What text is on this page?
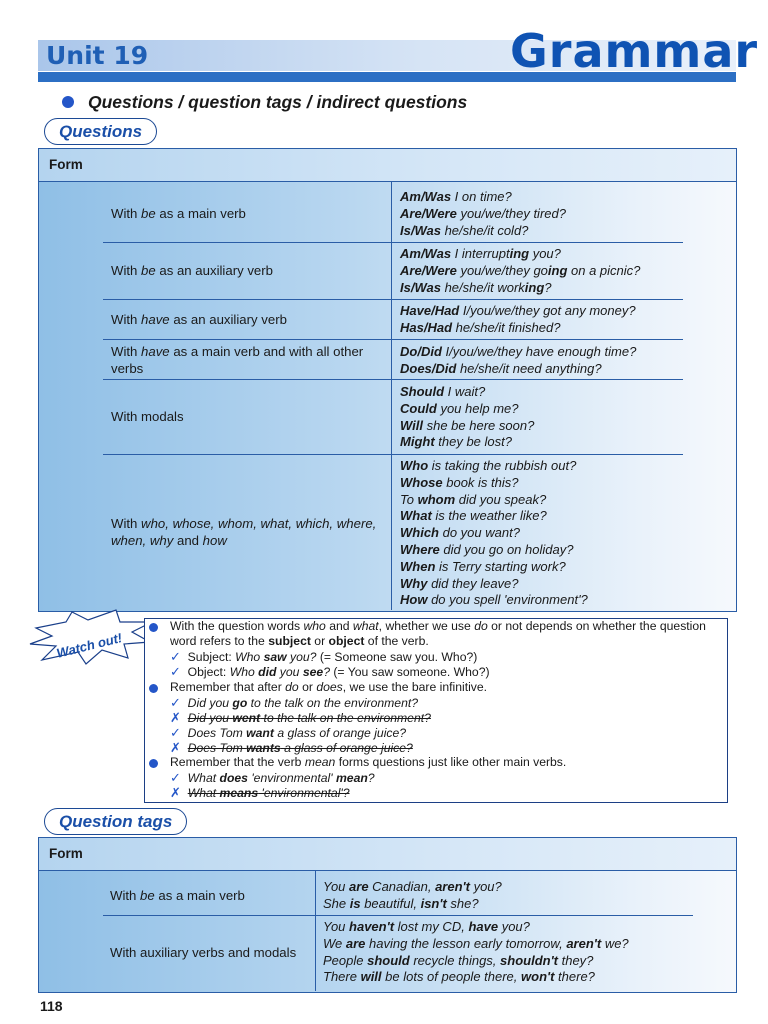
Unit 19	Grammar
Questions / question tags / indirect questions
Questions
Form
With be as a main verb
Am/Was I on time?
Are/Were you/we/they tired?
Is/Was he/she/it cold?
With be as an auxiliary verb
Am/Was I interrupting you?
Are/Were you/we/they going on a picnic?
Is/Was he/she/it working?
With have as an auxiliary verb
Have/Had I/you/we/they got any money?
Has/Had he/she/it finished?
With have as a main verb and with all other verbs
Do/Did I/you/we/they have enough time?
Does/Did he/she/it need anything?
With modals
Should I wait?
Could you help me?
Will she be here soon?
Might they be lost?
With who, whose, whom, what, which, where, when, why and how
Who is taking the rubbish out?
Whose book is this?
To whom did you speak?
What is the weather like?
Which do you want?
Where did you go on holiday?
When is Terry starting work?
Why did they leave?
How do you spell 'environment'?
Watch out!
With the question words who and what, whether we use do or not depends on whether the question word refers to the subject or object of the verb.
✓  Subject: Who saw you? (= Someone saw you. Who?)
✓  Object: Who did you see? (= You saw someone. Who?)
Remember that after do or does, we use the bare infinitive.
✓  Did you go to the talk on the environment?
✗ Did you went to the talk on the environment?
✓  Does Tom want a glass of orange juice?
✗ Does Tom wants a glass of orange juice?
Remember that the verb mean forms questions just like other main verbs.
✓  What does 'environmental' mean?
✗ What means 'environmental'?
Question tags
Form
With be as a main verb
You are Canadian, aren't you?
She is beautiful, isn't she?
With auxiliary verbs and modals
You haven't lost my CD, have you?
We are having the lesson early tomorrow, aren't we?
People should recycle things, shouldn't they?
There will be lots of people there, won't there?
118
